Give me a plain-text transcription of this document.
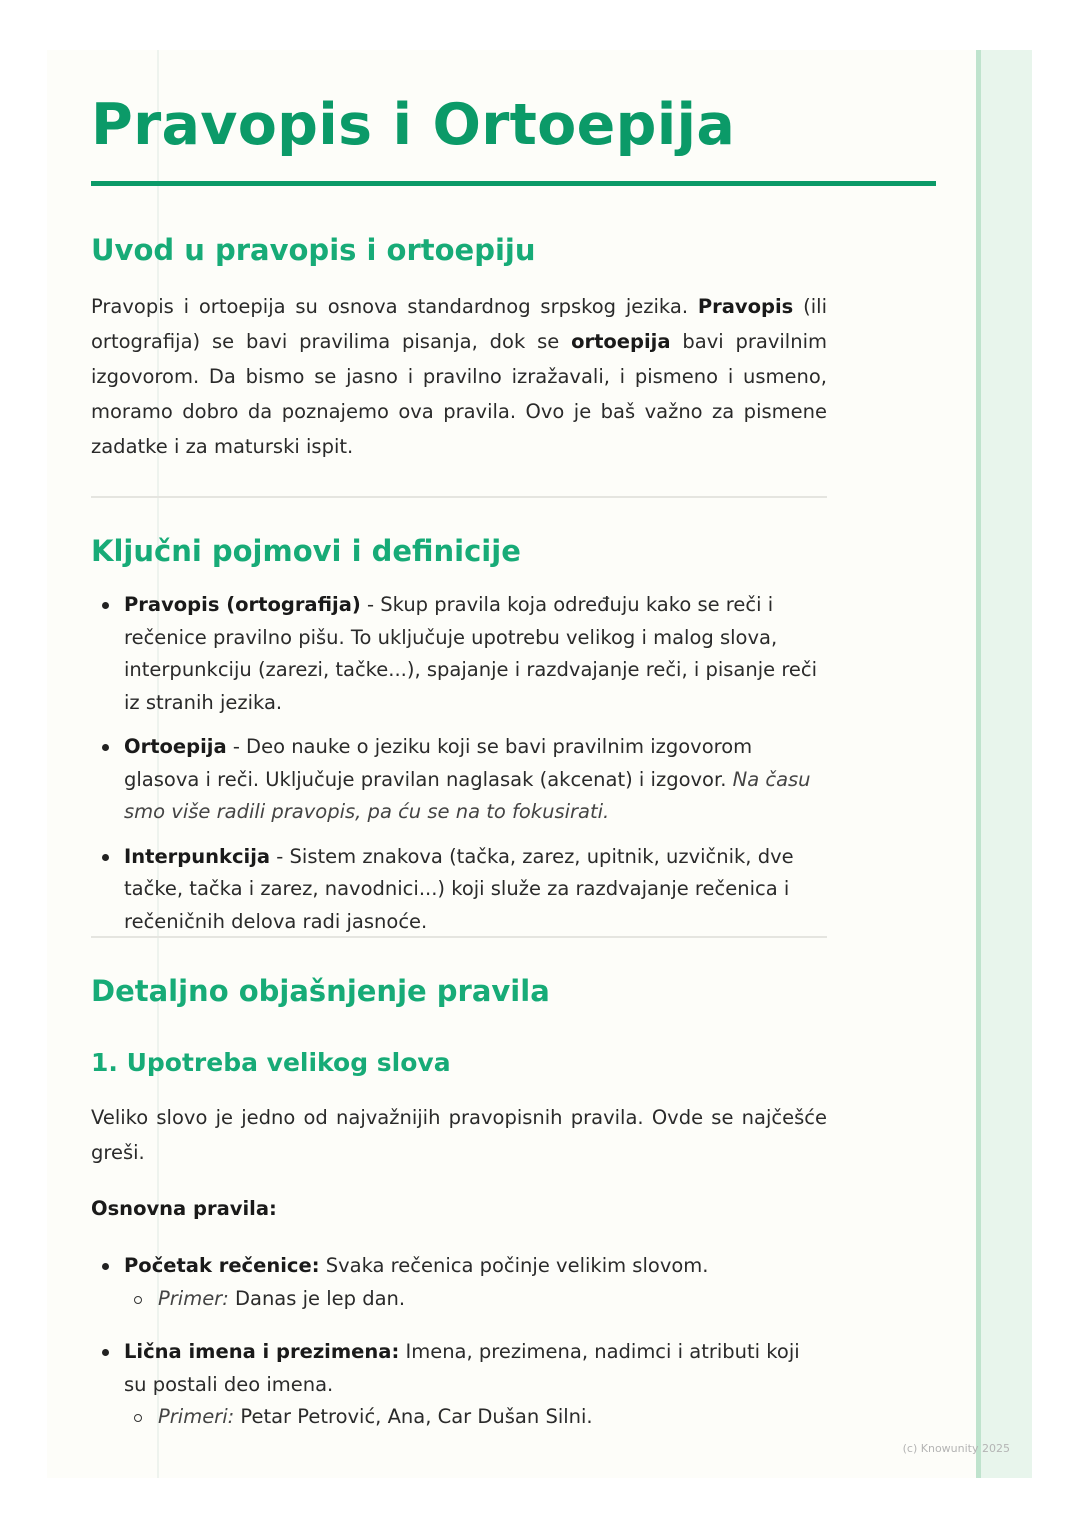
Pravopis i Ortoepija
Uvod u pravopis i ortoepiju

Pravopis i ortoepija su osnova standardnog srpskog jezika. Pravopis (ili ortografija) se bavi pravilima pisanja, dok se ortoepija bavi pravilnim izgovorom. Da bismo se jasno i pravilno izražavali, i pismeno i usmeno, moramo dobro da poznajemo ova pravila. Ovo je baš važno za pismene zadatke i za maturski ispit.

Ključni pojmovi i definicije
Pravopis (ortografija) - Skup pravila koja određuju kako se reči i rečenice pravilno pišu. To uključuje upotrebu velikog i malog slova, interpunkciju (zarezi, tačke...), spajanje i razdvajanje reči, i pisanje reči iz stranih jezika.
Ortoepija - Deo nauke o jeziku koji se bavi pravilnim izgovorom glasova i reči. Uključuje pravilan naglasak (akcenat) i izgovor. Na času smo više radili pravopis, pa ću se na to fokusirati.
Interpunkcija - Sistem znakova (tačka, zarez, upitnik, uzvičnik, dve tačke, tačka i zarez, navodnici...) koji služe za razdvajanje rečenica i rečeničnih delova radi jasnoće.
Detaljno objašnjenje pravila
1. Upotreba velikog slova

Veliko slovo je jedno od najvažnijih pravopisnih pravila. Ovde se najčešće greši.

Osnovna pravila:
Početak rečenice: Svaka rečenica počinje velikim slovom.
Primer: Danas je lep dan.
Lična imena i prezimena: Imena, prezimena, nadimci i atributi koji su postali deo imena.
Primeri: Petar Petrović, Ana, Car Dušan Silni.
(c) Knowunity 2025
